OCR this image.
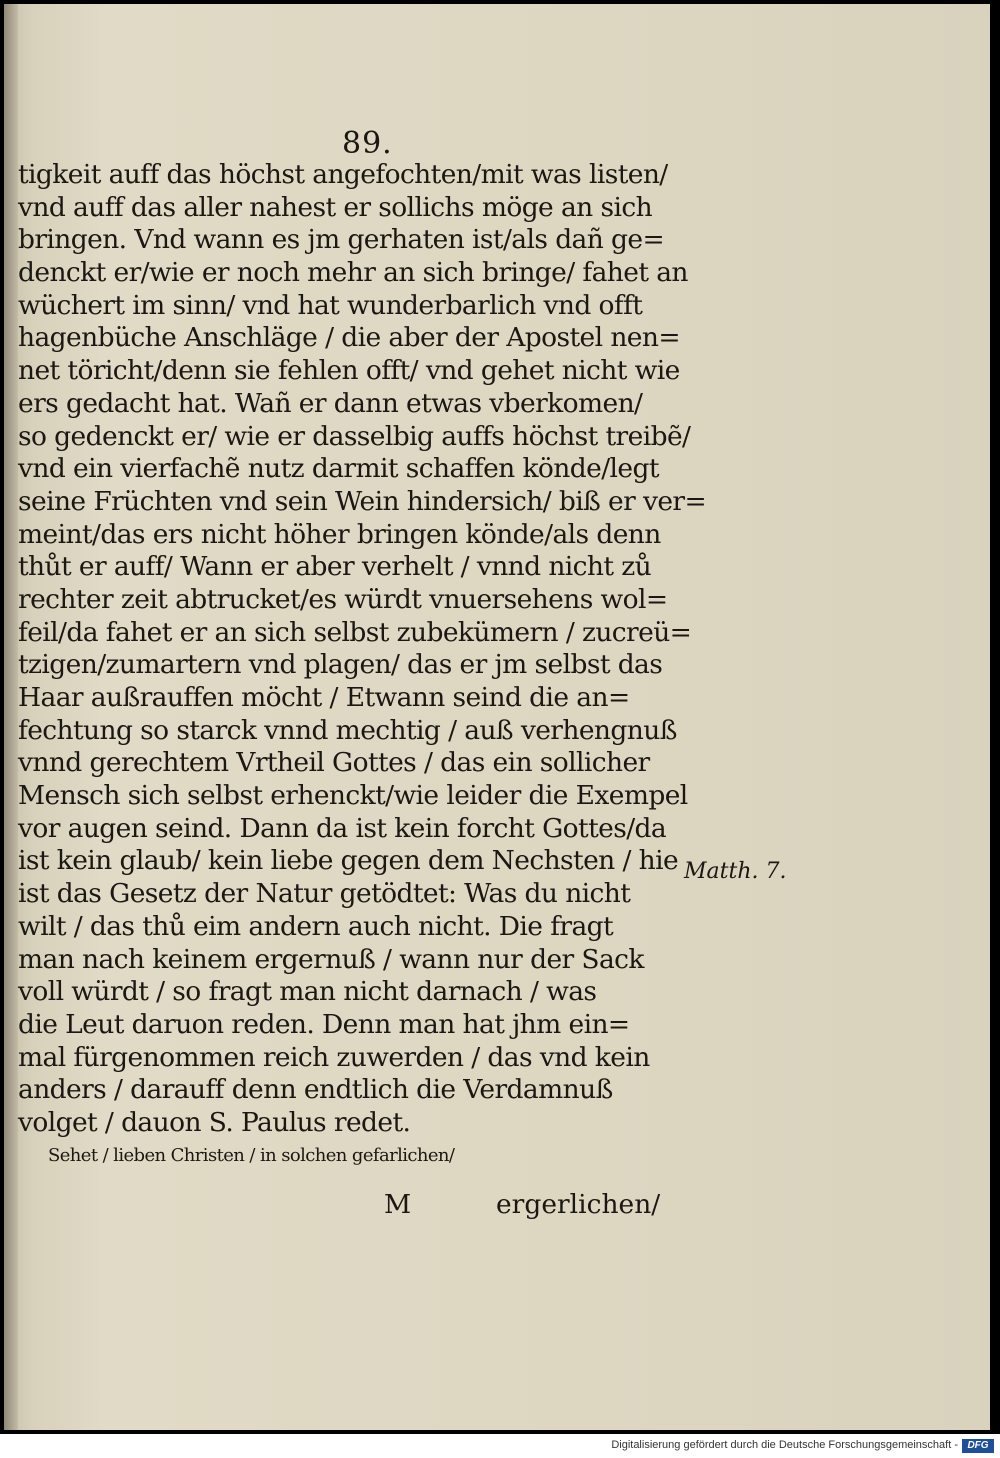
89.
tigkeit auff das höchst angefochten/mit was listen/
vnd auff das aller nahest er sollichs möge an sich
bringen. Vnd wann es jm gerhaten ist/als dañ ge=
denckt er/wie er noch mehr an sich bringe/ fahet an
wüchert im sinn/ vnd hat wunderbarlich vnd offt
hagenbüche Anschläge / die aber der Apostel nen=
net töricht/denn sie fehlen offt/ vnd gehet nicht wie
ers gedacht hat. Wañ er dann etwas vberkomen/
so gedenckt er/ wie er dasselbig auffs höchst treibẽ/
vnd ein vierfachẽ nutz darmit schaffen könde/legt
seine Früchten vnd sein Wein hindersich/ biß er ver=
meint/das ers nicht höher bringen könde/als denn
thůt er auff/ Wann er aber verhelt / vnnd nicht zů
rechter zeit abtrucket/es würdt vnuersehens wol=
feil/da fahet er an sich selbst zubekümern / zucreü=
tzigen/zumartern vnd plagen/ das er jm selbst das
Haar außrauffen möcht / Etwann seind die an=
fechtung so starck vnnd mechtig / auß verhengnuß
vnnd gerechtem Vrtheil Gottes / das ein sollicher
Mensch sich selbst erhenckt/wie leider die Exempel
vor augen seind. Dann da ist kein forcht Gottes/da
ist kein glaub/ kein liebe gegen dem Nechsten / hie
ist das Gesetz der Natur getödtet: Was du nicht
wilt / das thů eim andern auch nicht. Die fragt
man nach keinem ergernuß / wann nur der Sack
voll würdt / so fragt man nicht darnach / was
die Leut daruon reden. Denn man hat jhm ein=
mal fürgenommen reich zuwerden / das vnd kein
anders / darauff denn endtlich die Verdamnuß
volget / dauon S. Paulus redet.
Sehet / lieben Christen / in solchen gefarlichen/
Matth. 7.
M	ergerlichen/
Digitalisierung gefördert durch die Deutsche Forschungsgemeinschaft - DFG
